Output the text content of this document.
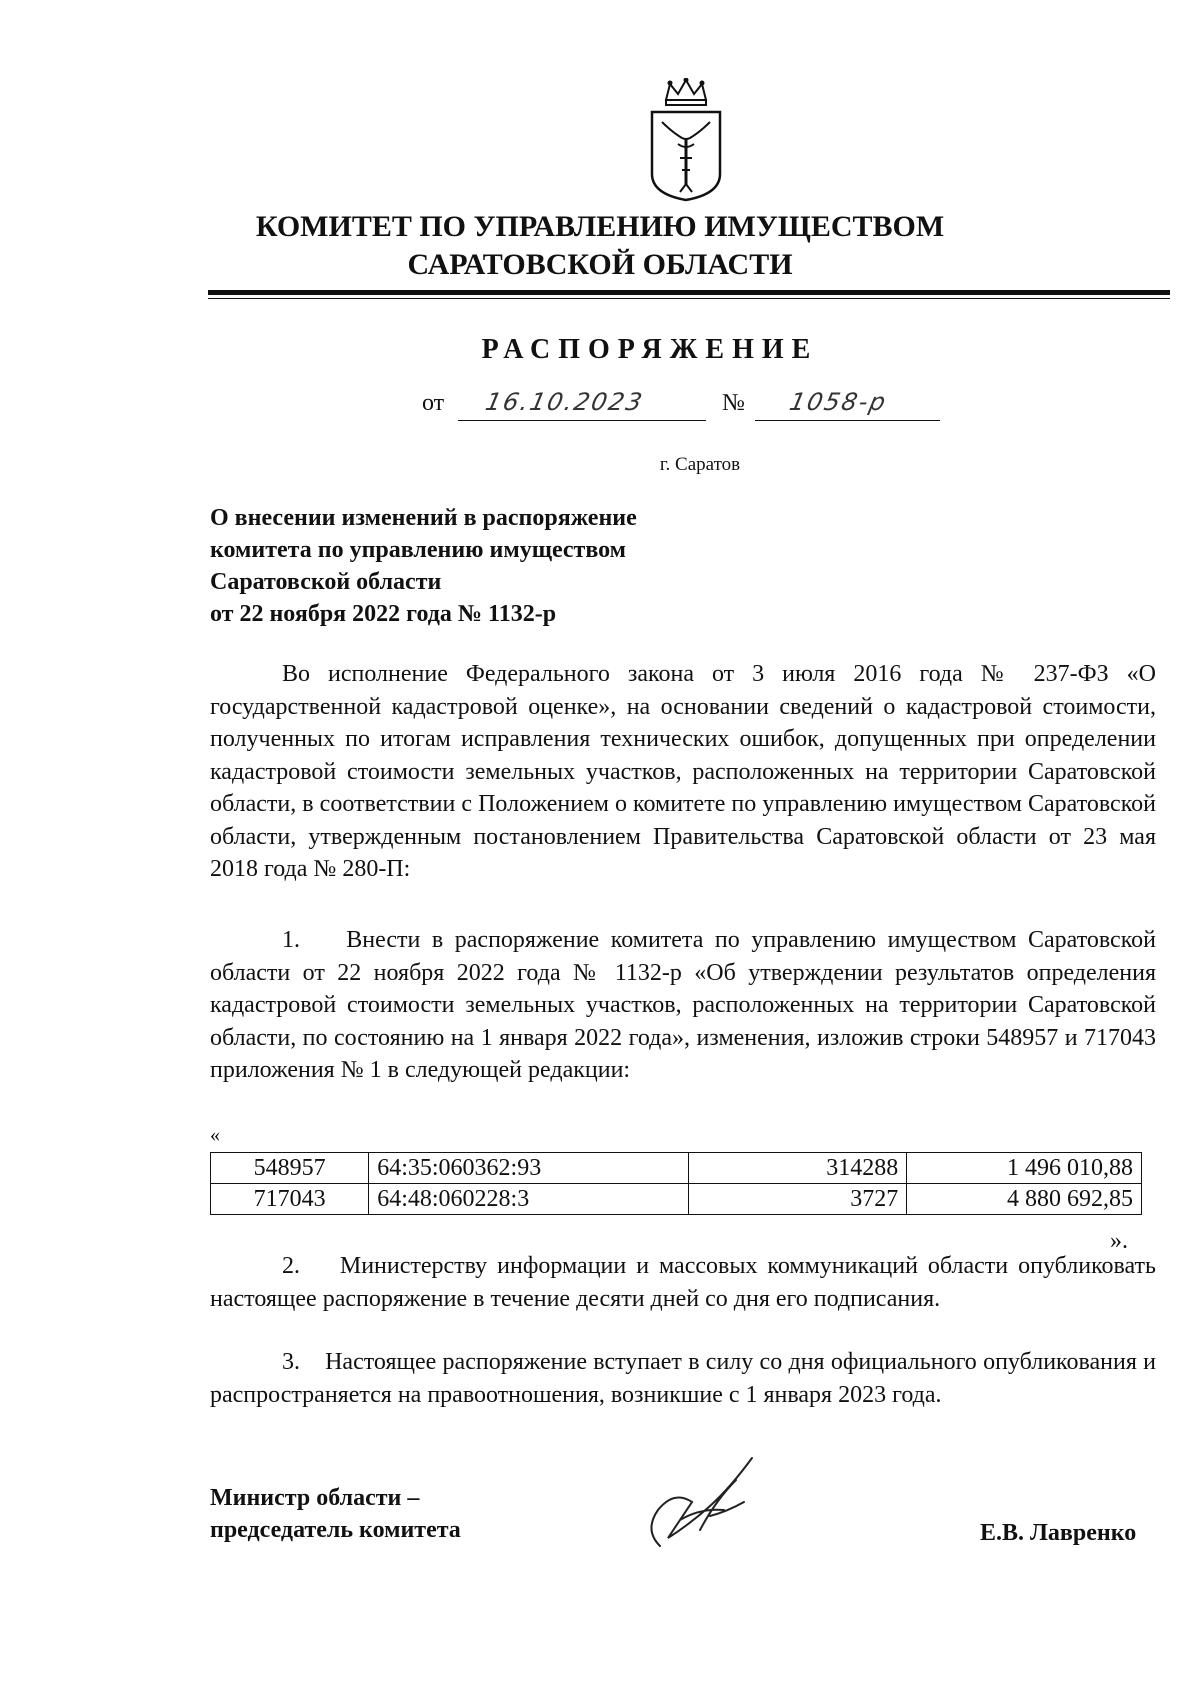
КОМИТЕТ ПО УПРАВЛЕНИЮ ИМУЩЕСТВОМ
САРАТОВСКОЙ ОБЛАСТИ
РАСПОРЯЖЕНИЕ
от 16.10.2023	№ 1058-р
г. Саратов
О внесении изменений в распоряжение
комитета по управлению имуществом
Саратовской области
от 22 ноября 2022 года № 1132-р
Во исполнение Федерального закона от 3 июля 2016 года № 237-ФЗ «О государственной кадастровой оценке», на основании сведений о кадастровой стоимости, полученных по итогам исправления технических ошибок, допущенных при определении кадастровой стоимости земельных участков, расположенных на территории Саратовской области, в соответствии с Положением о комитете по управлению имуществом Саратовской области, утвержденным постановлением Правительства Саратовской области от 23 мая 2018 года № 280-П:
1.    Внести в распоряжение комитета по управлению имуществом Саратовской области от 22 ноября 2022 года № 1132-р «Об утверждении результатов определения кадастровой стоимости земельных участков, расположенных на территории Саратовской области, по состоянию на 1 января 2022 года», изменения, изложив строки 548957 и 717043 приложения № 1 в следующей редакции:
«
548957	64:35:060362:93	314288	1 496 010,88
717043	64:48:060228:3	3727	4 880 692,85
».
2.    Министерству информации и массовых коммуникаций области опубликовать настоящее распоряжение в течение десяти дней со дня его подписания.
3.    Настоящее распоряжение вступает в силу со дня официального опубликования и распространяется на правоотношения, возникшие с 1 января 2023 года.
Министр области –
председатель комитета	Е.В. Лавренко
